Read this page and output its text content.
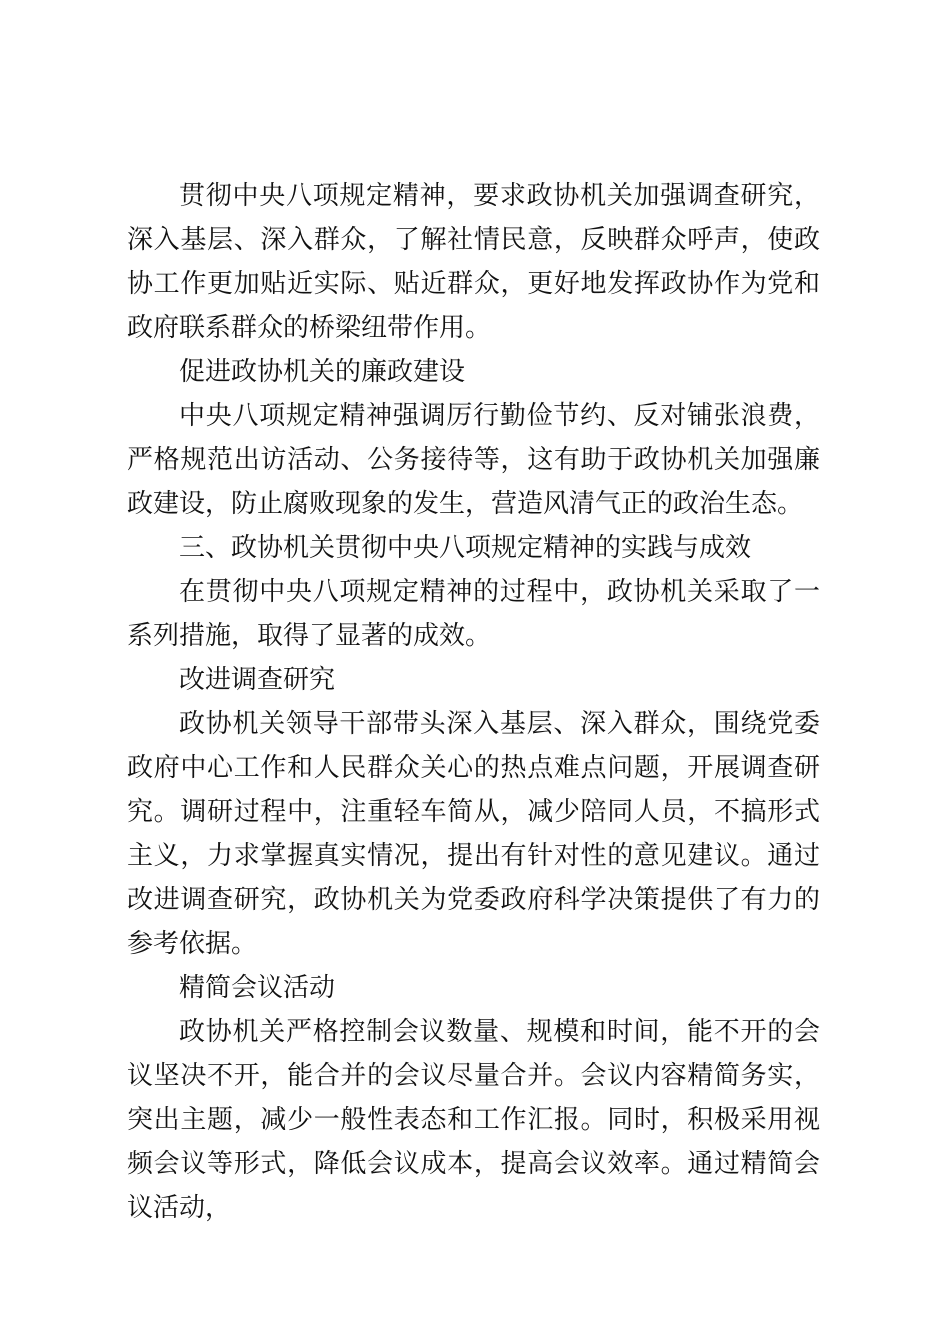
贯彻中央八项规定精神，要求政协机关加强调查研究，深入基层、深入群众，了解社情民意，反映群众呼声，使政协工作更加贴近实际、贴近群众，更好地发挥政协作为党和政府联系群众的桥梁纽带作用。

促进政协机关的廉政建设

中央八项规定精神强调厉行勤俭节约、反对铺张浪费，严格规范出访活动、公务接待等，这有助于政协机关加强廉政建设，防止腐败现象的发生，营造风清气正的政治生态。

三、政协机关贯彻中央八项规定精神的实践与成效

在贯彻中央八项规定精神的过程中，政协机关采取了一系列措施，取得了显著的成效。

改进调查研究

政协机关领导干部带头深入基层、深入群众，围绕党委政府中心工作和人民群众关心的热点难点问题，开展调查研究。调研过程中，注重轻车简从，减少陪同人员，不搞形式主义，力求掌握真实情况，提出有针对性的意见建议。通过改进调查研究，政协机关为党委政府科学决策提供了有力的参考依据。

精简会议活动

政协机关严格控制会议数量、规模和时间，能不开的会议坚决不开，能合并的会议尽量合并。会议内容精简务实，突出主题，减少一般性表态和工作汇报。同时，积极采用视频会议等形式，降低会议成本，提高会议效率。通过精简会议活动，
